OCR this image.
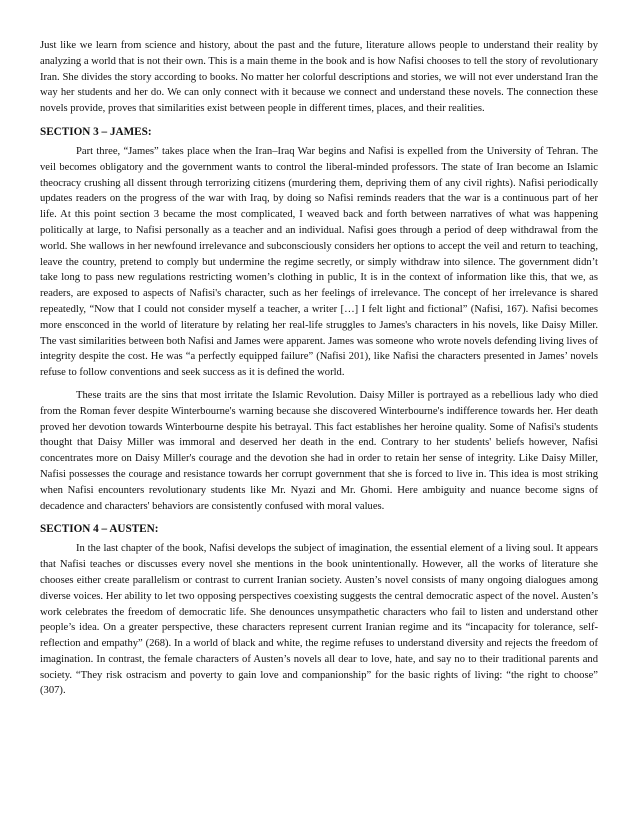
Just like we learn from science and history, about the past and the future, literature allows people to understand their reality by analyzing a world that is not their own. This is a main theme in the book and is how Nafisi chooses to tell the story of revolutionary Iran. She divides the story according to books. No matter her colorful descriptions and stories, we will not ever understand Iran the way her students and her do. We can only connect with it because we connect and understand these novels. The connection these novels provide, proves that similarities exist between people in different times, places, and their realities.

SECTION 3 – JAMES:

Part three, “James” takes place when the Iran–Iraq War begins and Nafisi is expelled from the University of Tehran. The veil becomes obligatory and the government wants to control the liberal-minded professors. The state of Iran become an Islamic theocracy crushing all dissent through terrorizing citizens (murdering them, depriving them of any civil rights). Nafisi periodically updates readers on the progress of the war with Iraq, by doing so Nafisi reminds readers that the war is a continuous part of her life. At this point section 3 became the most complicated, I weaved back and forth between narratives of what was happening politically at large, to Nafisi personally as a teacher and an individual. Nafisi goes through a period of deep withdrawal from the world. She wallows in her newfound irrelevance and subconsciously considers her options to accept the veil and return to teaching, leave the country, pretend to comply but undermine the regime secretly, or simply withdraw into silence. The government didn’t take long to pass new regulations restricting women’s clothing in public, It is in the context of information like this, that we, as readers, are exposed to aspects of Nafisi's character, such as her feelings of irrelevance. The concept of her irrelevance is shared repeatedly, “Now that I could not consider myself a teacher, a writer […] I felt light and fictional” (Nafisi, 167). Nafisi becomes more ensconced in the world of literature by relating her real-life struggles to James's characters in his novels, like Daisy Miller. The vast similarities between both Nafisi and James were apparent. James was someone who wrote novels defending living lives of integrity despite the cost. He was “a perfectly equipped failure” (Nafisi 201), like Nafisi the characters presented in James’ novels refuse to follow conventions and seek success as it is defined the world.

These traits are the sins that most irritate the Islamic Revolution. Daisy Miller is portrayed as a rebellious lady who died from the Roman fever despite Winterbourne's warning because she discovered Winterbourne's indifference towards her. Her death proved her devotion towards Winterbourne despite his betrayal. This fact establishes her heroine quality. Some of Nafisi's students thought that Daisy Miller was immoral and deserved her death in the end. Contrary to her students' beliefs however, Nafisi concentrates more on Daisy Miller's courage and the devotion she had in order to retain her sense of integrity. Like Daisy Miller, Nafisi possesses the courage and resistance towards her corrupt government that she is forced to live in. This idea is most striking when Nafisi encounters revolutionary students like Mr. Nyazi and Mr. Ghomi. Here ambiguity and nuance become signs of decadence and characters' behaviors are consistently confused with moral values.

SECTION 4 – AUSTEN:

In the last chapter of the book, Nafisi develops the subject of imagination, the essential element of a living soul. It appears that Nafisi teaches or discusses every novel she mentions in the book unintentionally. However, all the works of literature she chooses either create parallelism or contrast to current Iranian society. Austen’s novel consists of many ongoing dialogues among diverse voices. Her ability to let two opposing perspectives coexisting suggests the central democratic aspect of the novel. Austen’s work celebrates the freedom of democratic life. She denounces unsympathetic characters who fail to listen and understand other people’s idea. On a greater perspective, these characters represent current Iranian regime and its “incapacity for tolerance, self-reflection and empathy” (268). In a world of black and white, the regime refuses to understand diversity and rejects the freedom of imagination. In contrast, the female characters of Austen’s novels all dear to love, hate, and say no to their traditional parents and society. “They risk ostracism and poverty to gain love and companionship” for the basic rights of living: “the right to choose” (307).
